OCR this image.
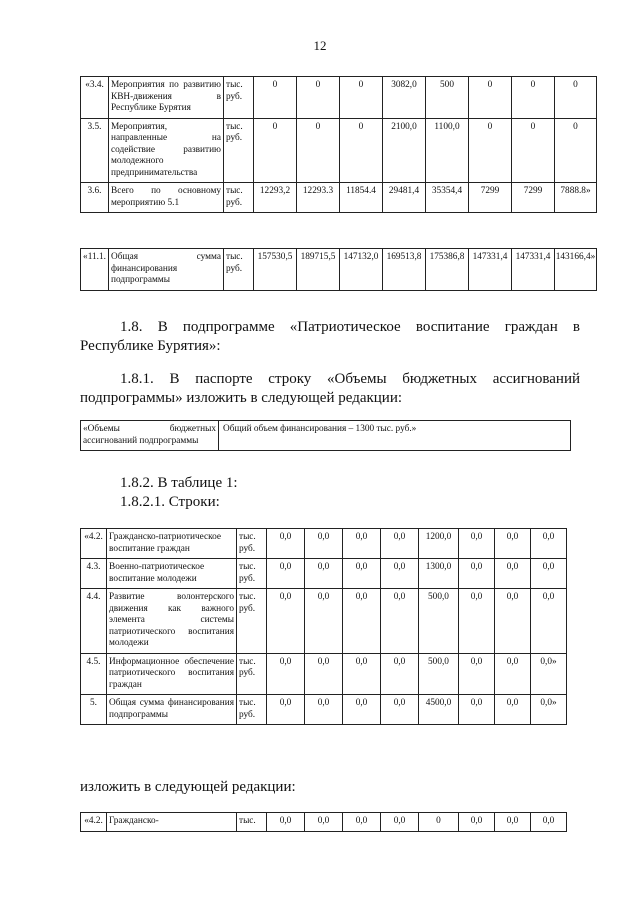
12
«3.4.	Мероприятия по развитию КВН-движения в Республике Бурятия	тыс. руб.	0	0	0	3082,0	500	0	0	0
3.5.	Мероприятия, направленные на содействие развитию молодежного предпринимательства	тыс. руб.	0	0	0	2100,0	1100,0	0	0	0
3.6.	Всего по основному мероприятию 5.1	тыс. руб.	12293,2	12293.3	11854.4	29481,4	35354,4	7299	7299	7888.8»
«11.1.	Общая сумма финансирования подпрограммы	тыс. руб.	157530,5	189715,5	147132,0	169513,8	175386,8	147331,4	147331,4	143166,4»
1.8. В подпрограмме «Патриотическое воспитание граждан в Республике Бурятия»:
1.8.1. В паспорте строку «Объемы бюджетных ассигнований подпрограммы» изложить в следующей редакции:
«Объемы бюджетных ассигнований подпрограммы	Общий объем финансирования – 1300 тыс. руб.»
1.8.2. В таблице 1:
1.8.2.1. Строки:
«4.2.	Гражданско-патриотическое воспитание граждан	тыс. руб.	0,0	0,0	0,0	0,0	1200,0	0,0	0,0	0,0
4.3.	Военно-патриотическое воспитание молодежи	тыс. руб.	0,0	0,0	0,0	0,0	1300,0	0,0	0,0	0,0
4.4.	Развитие волонтерского движения как важного элемента системы патриотического воспитания молодежи	тыс. руб.	0,0	0,0	0,0	0,0	500,0	0,0	0,0	0,0
4.5.	Информационное обеспечение патриотического воспитания граждан	тыс. руб.	0,0	0,0	0,0	0,0	500,0	0,0	0,0	0,0»
5.	Общая сумма финансирования подпрограммы	тыс. руб.	0,0	0,0	0,0	0,0	4500,0	0,0	0,0	0,0»
изложить в следующей редакции:
«4.2.	Гражданско-	тыс.	0,0	0,0	0,0	0,0	0	0,0	0,0	0,0
